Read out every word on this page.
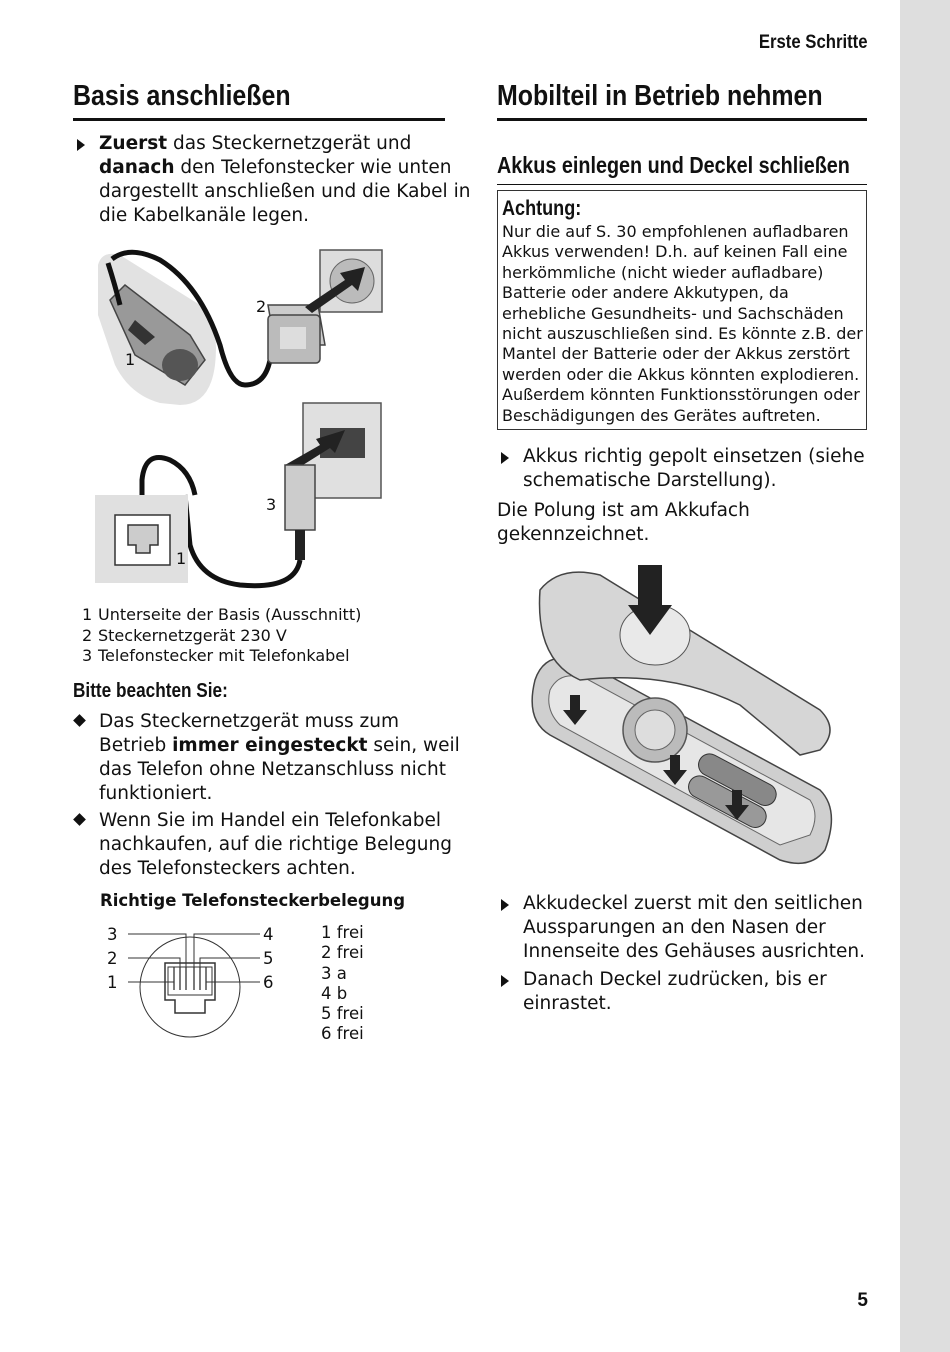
Erste Schritte
Basis anschließen
Zuerst das Steckernetzgerät und danach den Telefonstecker wie unten dargestellt anschließen und die Kabel in die Kabelkanäle legen.
1
2
3
1
1 Unterseite der Basis (Ausschnitt)
2 Steckernetzgerät 230 V
3 Telefonstecker mit Telefonkabel
Bitte beachten Sie:
Das Steckernetzgerät muss zum Betrieb immer eingesteckt sein, weil das Telefon ohne Netzanschluss nicht funktioniert.
Wenn Sie im Handel ein Telefonkabel nachkaufen, auf die richtige Belegung des Telefonsteckers achten.
Richtige Telefonsteckerbelegung
3
2
1
4
5
6
1 frei
2 frei
3 a
4 b
5 frei
6 frei
Mobilteil in Betrieb nehmen
Akkus einlegen und Deckel schließen
Achtung:
Nur die auf S. 30 empfohlenen aufladbaren Akkus verwenden! D.h. auf keinen Fall eine herkömmliche (nicht wieder aufladbare) Batterie oder andere Akkutypen, da erhebliche Gesundheits- und Sachschäden nicht auszuschließen sind. Es könnte z.B. der Mantel der Batterie oder der Akkus zerstört werden oder die Akkus könnten explodieren. Außerdem könnten Funktionsstörungen oder Beschädigungen des Gerätes auftreten.
Akkus richtig gepolt einsetzen (siehe schematische Darstellung).
Die Polung ist am Akkufach gekennzeichnet.
Akkudeckel zuerst mit den seitlichen Aussparungen an den Nasen der Innenseite des Gehäuses ausrichten.
Danach Deckel zudrücken, bis er einrastet.
5
